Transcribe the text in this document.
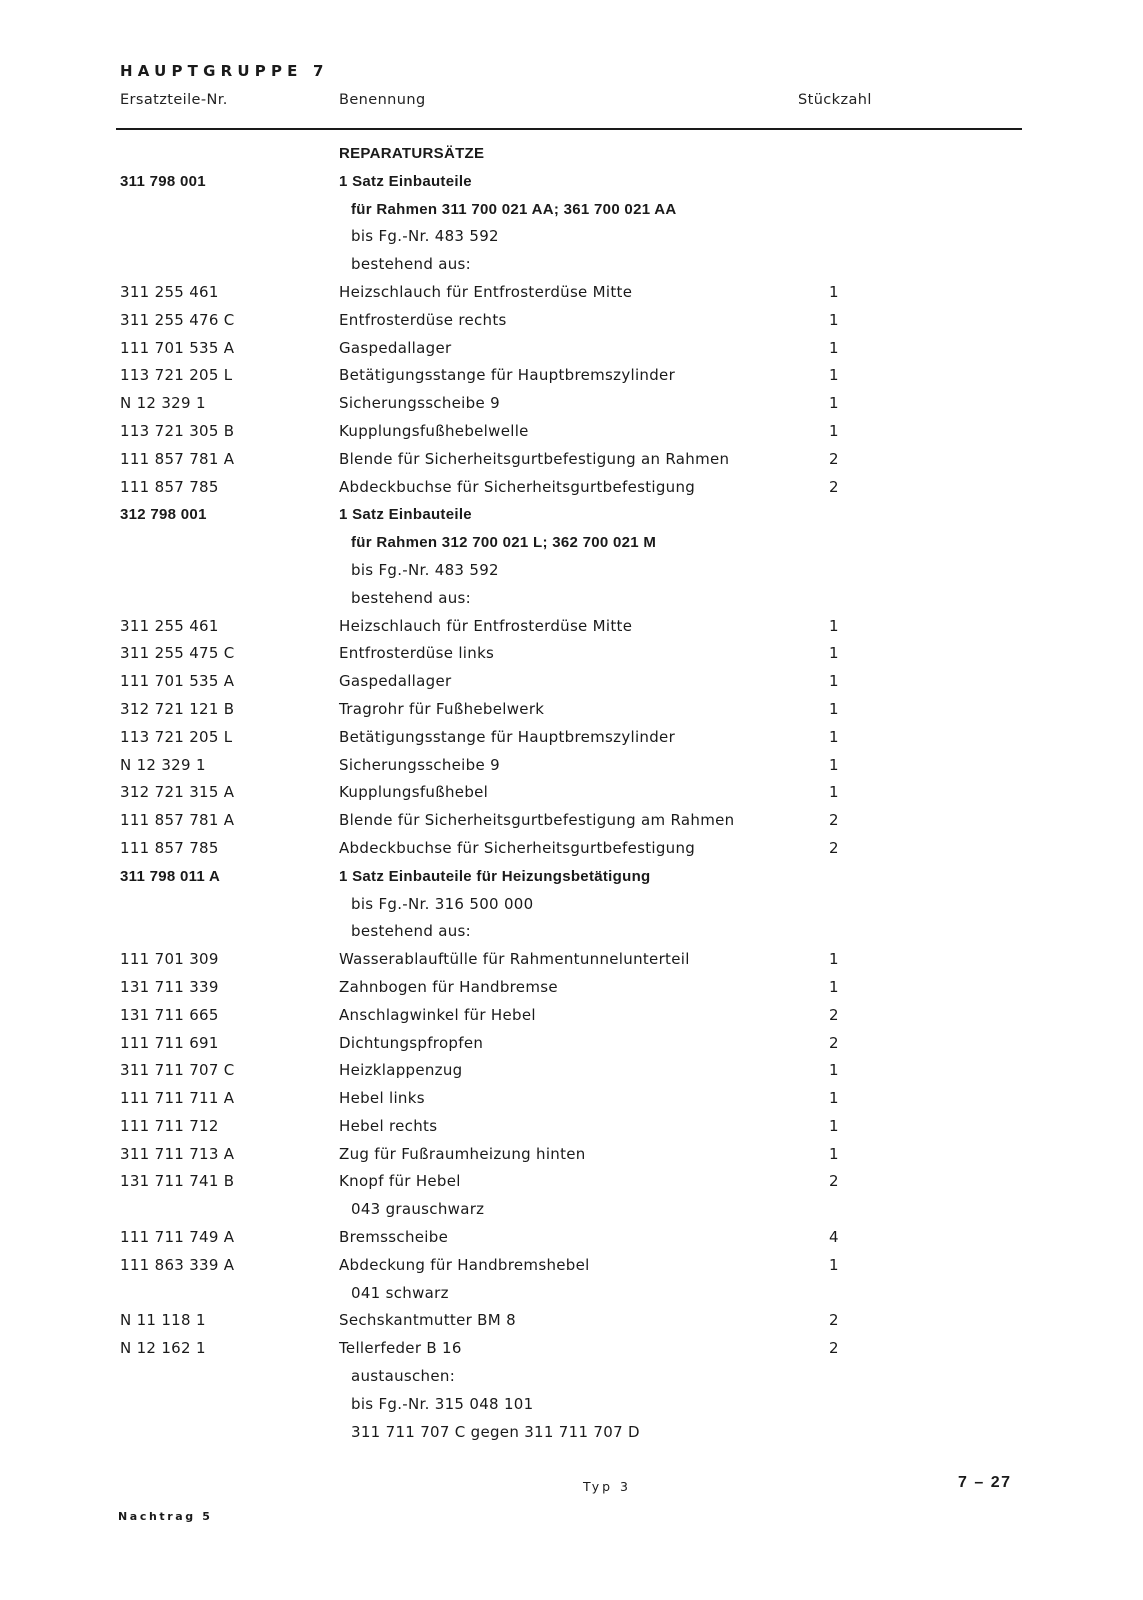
HAUPTGRUPPE 7
Ersatzteile-Nr.	Benennung	Stückzahl
REPARATURSÄTZE
311 798 001	1 Satz Einbauteile
für Rahmen 311 700 021 AA; 361 700 021 AA
bis Fg.-Nr. 483 592
bestehend aus:
311 255 461	Heizschlauch für Entfrosterdüse Mitte	1
311 255 476 C	Entfrosterdüse rechts	1
111 701 535 A	Gaspedallager	1
113 721 205 L	Betätigungsstange für Hauptbremszylinder	1
N 12 329 1	Sicherungsscheibe 9	1
113 721 305 B	Kupplungsfußhebelwelle	1
111 857 781 A	Blende für Sicherheitsgurtbefestigung an Rahmen	2
111 857 785	Abdeckbuchse für Sicherheitsgurtbefestigung	2
312 798 001	1 Satz Einbauteile
für Rahmen 312 700 021 L; 362 700 021 M
bis Fg.-Nr. 483 592
bestehend aus:
311 255 461	Heizschlauch für Entfrosterdüse Mitte	1
311 255 475 C	Entfrosterdüse links	1
111 701 535 A	Gaspedallager	1
312 721 121 B	Tragrohr für Fußhebelwerk	1
113 721 205 L	Betätigungsstange für Hauptbremszylinder	1
N 12 329 1	Sicherungsscheibe 9	1
312 721 315 A	Kupplungsfußhebel	1
111 857 781 A	Blende für Sicherheitsgurtbefestigung am Rahmen	2
111 857 785	Abdeckbuchse für Sicherheitsgurtbefestigung	2
311 798 011 A	1 Satz Einbauteile für Heizungsbetätigung
bis Fg.-Nr. 316 500 000
bestehend aus:
111 701 309	Wasserablauftülle für Rahmentunnelunterteil	1
131 711 339	Zahnbogen für Handbremse	1
131 711 665	Anschlagwinkel für Hebel	2
111 711 691	Dichtungspfropfen	2
311 711 707 C	Heizklappenzug	1
111 711 711 A	Hebel links	1
111 711 712	Hebel rechts	1
311 711 713 A	Zug für Fußraumheizung hinten	1
131 711 741 B	Knopf für Hebel	2
043 grauschwarz
111 711 749 A	Bremsscheibe	4
111 863 339 A	Abdeckung für Handbremshebel	1
041 schwarz
N 11 118 1	Sechskantmutter BM 8	2
N 12 162 1	Tellerfeder B 16	2
austauschen:
bis Fg.-Nr. 315 048 101
311 711 707 C gegen 311 711 707 D
Typ 3	7 – 27
Nachtrag 5
